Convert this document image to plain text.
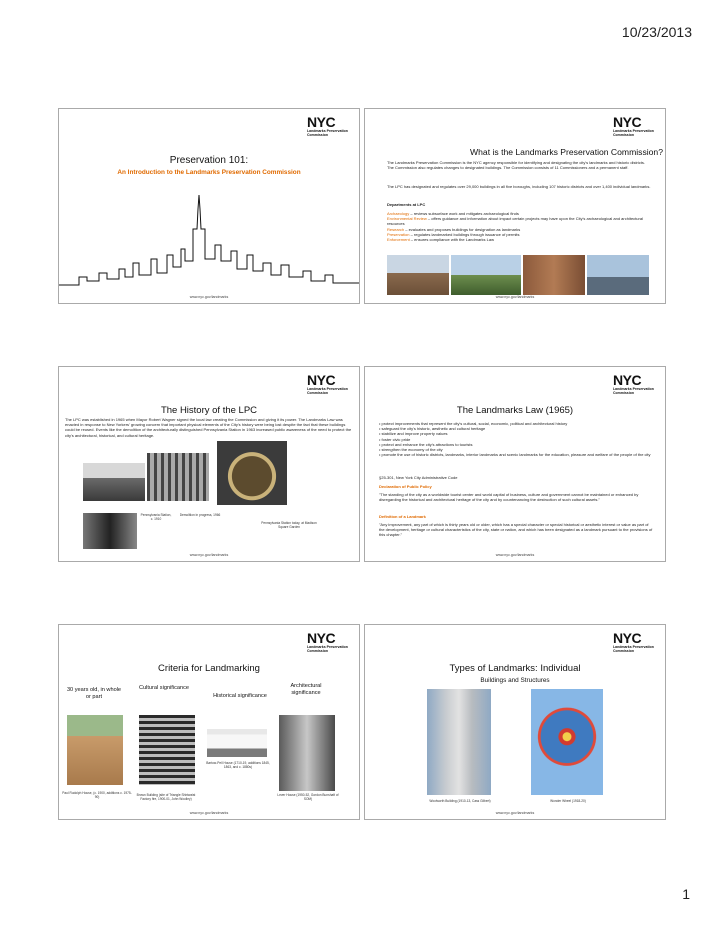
10/23/2013
NYC
Landmarks Preservation
Commission
Preservation 101:
An Introduction to the Landmarks Preservation Commission
www.nyc.gov/landmarks
NYC
Landmarks Preservation
Commission
What is the Landmarks Preservation Commission?
The Landmarks Preservation Commission is the NYC agency responsible for identifying and designating the city's landmarks and historic districts. The Commission also regulates changes to designated buildings. The Commission consists of 11 Commissioners and a permanent staff.
The LPC has designated and regulates over 29,000 buildings in all five boroughs, including 107 historic districts and over 1,400 individual landmarks.
Departments at LPC
Archaeology – reviews subsurface work and mitigates archaeological finds
Environmental Review – offers guidance and information about impact certain projects may have upon the City's archaeological and architectural resources
Research – evaluates and proposes buildings for designation as landmarks
Preservation – regulates landmarked buildings through issuance of permits
Enforcement – ensures compliance with the Landmarks Law
www.nyc.gov/landmarks
NYC
Landmarks Preservation
Commission
The History of the LPC
The LPC was established in 1965 when Mayor Robert Wagner signed the local law creating the Commission and giving it its power. The Landmarks Law was enacted in response to New Yorkers' growing concern that important physical elements of the City's history were being lost despite the fact that these buildings could be reused. Events like the demolition of the architecturally distinguished Pennsylvania Station in 1963 increased public awareness of the need to protect the city's architectural, historical, and cultural heritage.
Pennsylvania Station, c. 1910
Demolition in progress, 1966
Pennsylvania Station today, at Madison Square Garden
www.nyc.gov/landmarks
NYC
Landmarks Preservation
Commission
The Landmarks Law (1965)
• protect improvements that represent the city's cultural, social, economic, political and architectural history
• safeguard the city's historic, aesthetic and cultural heritage
• stabilize and improve property values
• foster civic pride
• protect and enhance the city's attractions to tourists
• strengthen the economy of the city
• promote the use of historic districts, landmarks, interior landmarks and scenic landmarks for the education, pleasure and welfare of the people of the city
§25-301, New York City Administrative Code
Declaration of Public Policy
"The standing of the city as a worldwide tourist center and world capital of business, culture and government cannot be maintained or enhanced by disregarding the historical and architectural heritage of the city and by countenancing the destruction of such cultural assets."
Definition of a Landmark
"Any improvement, any part of which is thirty years old or older, which has a special character or special historical or aesthetic interest or value as part of the development, heritage or cultural characteristics of the city, state or nation, and which has been designated as a landmark pursuant to the provisions of this chapter."
www.nyc.gov/landmarks
NYC
Landmarks Preservation
Commission
Criteria for Landmarking
30 years old, in whole or part
Cultural significance
Historical significance
Architectural significance
Paul Rudolph House, (c. 1900, additions c. 1975-90)	Brown Building (site of Triangle Shirtwaist Factory fire, 1900-01, John Woolley)
Bartow-Pell House (1710-19, additions 1845, 1863, and c. 1880s)
Lever House (1950-52, Gordon Bunshaft of SOM)
www.nyc.gov/landmarks
NYC
Landmarks Preservation
Commission
Types of Landmarks: Individual
Buildings and Structures
Woolworth Building (1910-13, Cass Gilbert)	Wonder Wheel (1918-20)
www.nyc.gov/landmarks
1
